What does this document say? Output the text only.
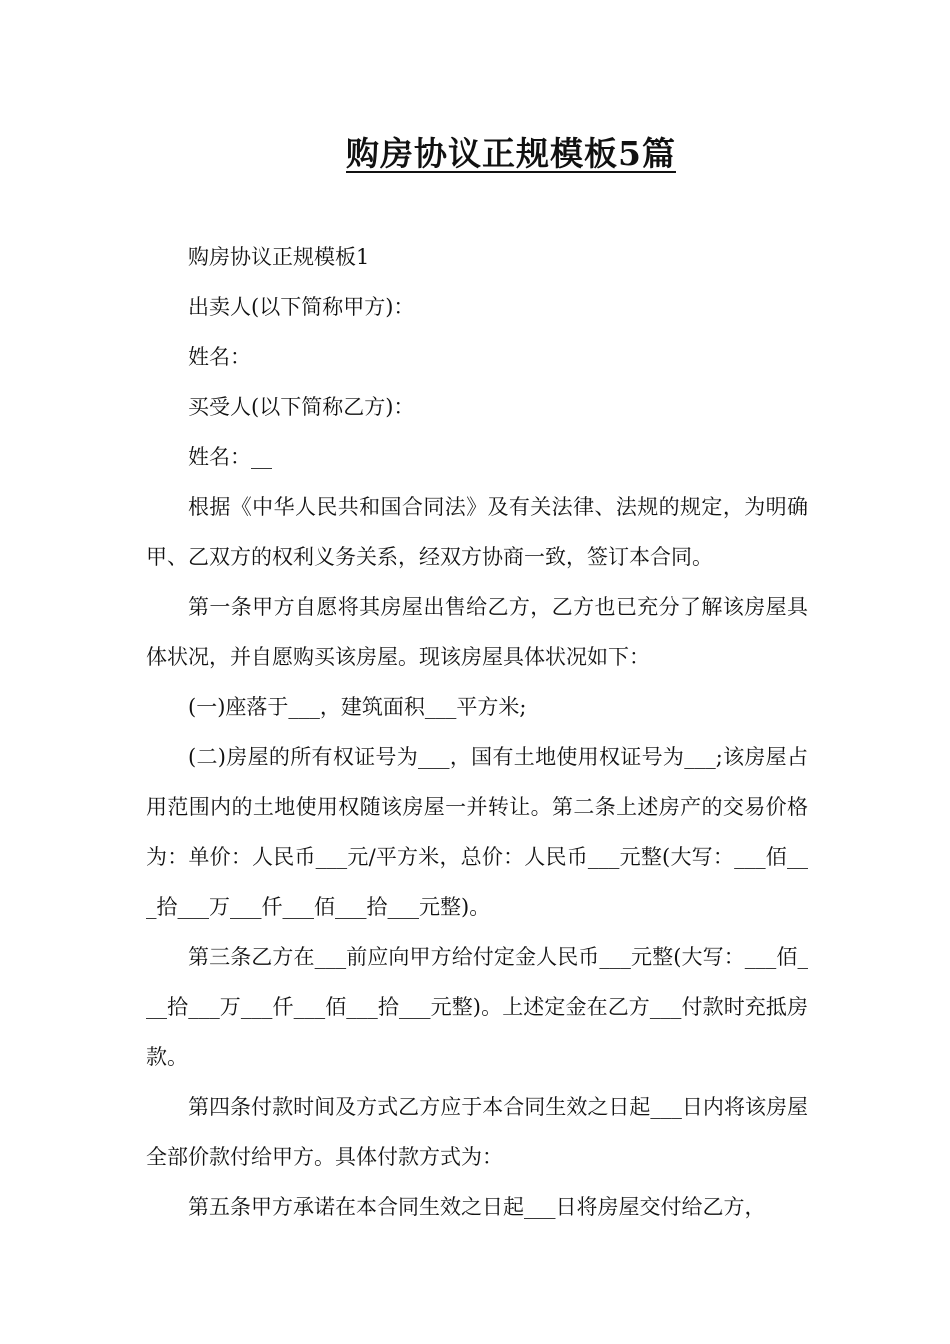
购房协议正规模板5篇

购房协议正规模板1

出卖人(以下简称甲方)：

姓名：

买受人(以下简称乙方)：

姓名：__

根据《中华人民共和国合同法》及有关法律、法规的规定，为明确甲、乙双方的权利义务关系，经双方协商一致，签订本合同。

第一条甲方自愿将其房屋出售给乙方，乙方也已充分了解该房屋具体状况，并自愿购买该房屋。现该房屋具体状况如下：

(一)座落于___，建筑面积___平方米;

(二)房屋的所有权证号为___，国有土地使用权证号为___;该房屋占用范围内的土地使用权随该房屋一并转让。第二条上述房产的交易价格为：单价：人民币___元/平方米，总价：人民币___元整(大写：___佰___拾___万___仟___佰___拾___元整)。

第三条乙方在___前应向甲方给付定金人民币___元整(大写：___佰___拾___万___仟___佰___拾___元整)。上述定金在乙方___付款时充抵房款。

第四条付款时间及方式乙方应于本合同生效之日起___日内将该房屋全部价款付给甲方。具体付款方式为：

第五条甲方承诺在本合同生效之日起___日将房屋交付给乙方，
